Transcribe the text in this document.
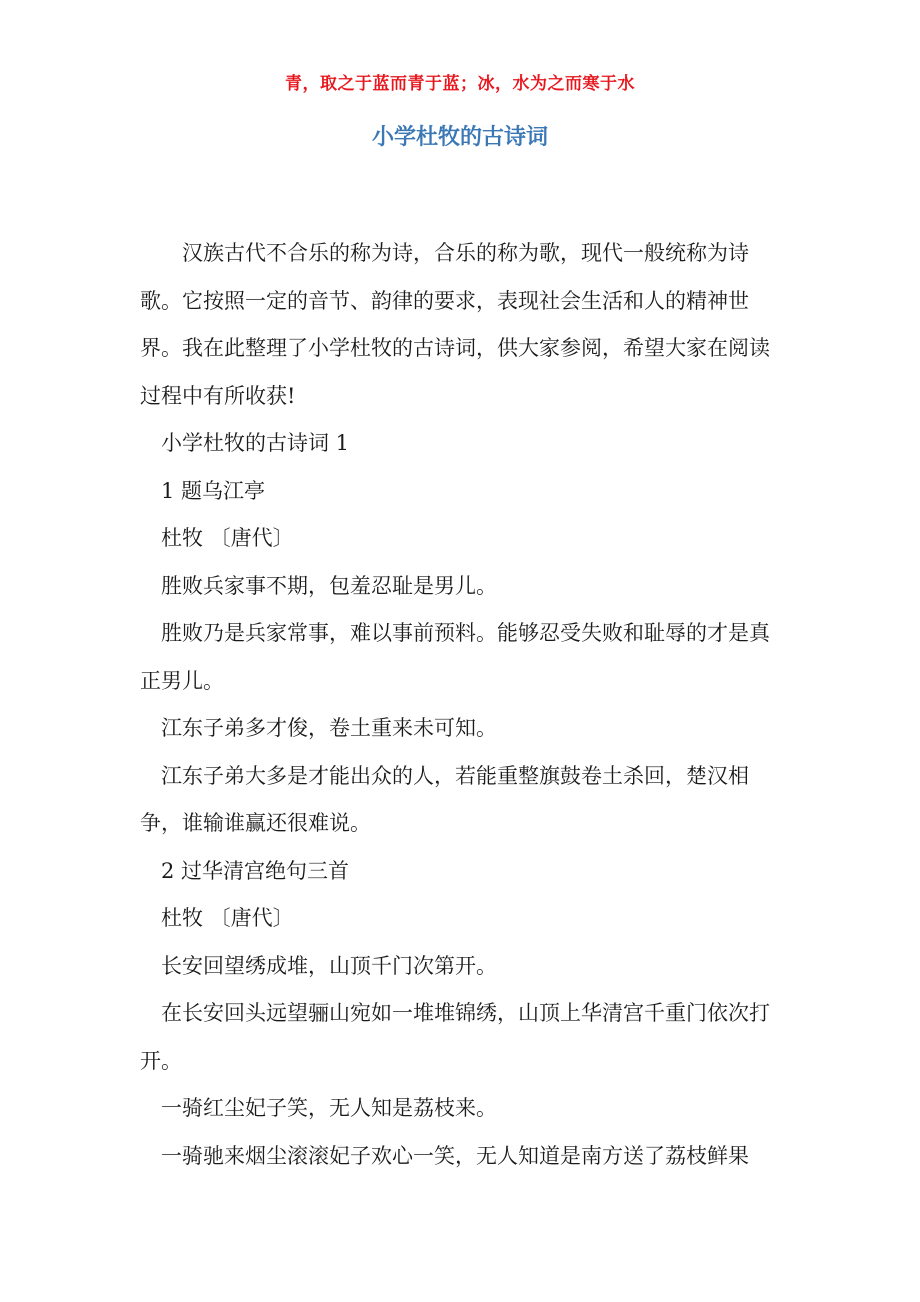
青，取之于蓝而青于蓝；冰，水为之而寒于水
小学杜牧的古诗词

汉族古代不合乐的称为诗，合乐的称为歌，现代一般统称为诗歌。它按照一定的音节、韵律的要求，表现社会生活和人的精神世界。我在此整理了小学杜牧的古诗词，供大家参阅，希望大家在阅读过程中有所收获!

小学杜牧的古诗词 1

1 题乌江亭

杜牧 〔唐代〕

胜败兵家事不期，包羞忍耻是男儿。

胜败乃是兵家常事，难以事前预料。能够忍受失败和耻辱的才是真正男儿。

江东子弟多才俊，卷土重来未可知。

江东子弟大多是才能出众的人，若能重整旗鼓卷土杀回，楚汉相争，谁输谁赢还很难说。

2 过华清宫绝句三首

杜牧 〔唐代〕

长安回望绣成堆，山顶千门次第开。

在长安回头远望骊山宛如一堆堆锦绣，山顶上华清宫千重门依次打开。

一骑红尘妃子笑，无人知是荔枝来。

一骑驰来烟尘滚滚妃子欢心一笑，无人知道是南方送了荔枝鲜果
